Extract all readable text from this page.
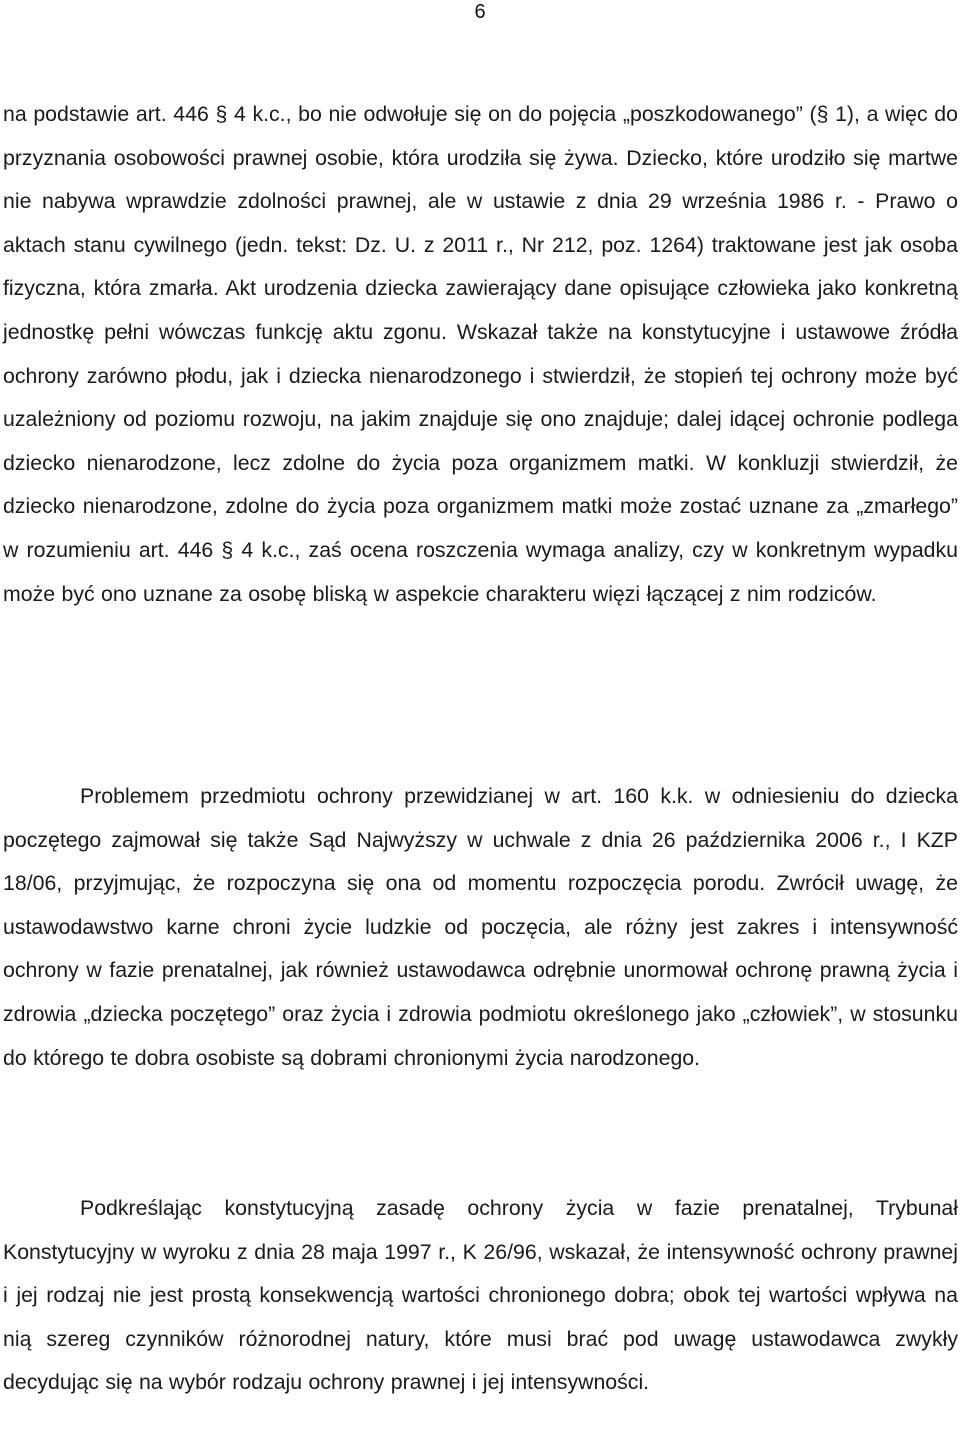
6

na podstawie art. 446 § 4 k.c., bo nie odwołuje się on do pojęcia „poszkodowanego” (§ 1), a więc do przyznania osobowości prawnej osobie, która urodziła się żywa. Dziecko, które urodziło się martwe nie nabywa wprawdzie zdolności prawnej, ale w ustawie z dnia 29 września 1986 r. - Prawo o aktach stanu cywilnego (jedn. tekst: Dz. U. z 2011 r., Nr 212, poz. 1264) traktowane jest jak osoba fizyczna, która zmarła. Akt urodzenia dziecka zawierający dane opisujące człowieka jako konkretną jednostkę pełni wówczas funkcję aktu zgonu. Wskazał także na konstytucyjne i ustawowe źródła ochrony zarówno płodu, jak i dziecka nienarodzonego i stwierdził, że stopień tej ochrony może być uzależniony od poziomu rozwoju, na jakim znajduje się ono znajduje; dalej idącej ochronie podlega dziecko nienarodzone, lecz zdolne do życia poza organizmem matki. W konkluzji stwierdził, że dziecko nienarodzone, zdolne do życia poza organizmem matki może zostać uznane za „zmarłego” w rozumieniu art. 446 § 4 k.c., zaś ocena roszczenia wymaga analizy, czy w konkretnym wypadku może być ono uznane za osobę bliską w aspekcie charakteru więzi łączącej z nim rodziców.

Problemem przedmiotu ochrony przewidzianej w art. 160 k.k. w odniesieniu do dziecka poczętego zajmował się także Sąd Najwyższy w uchwale z dnia 26 października 2006 r., I KZP 18/06, przyjmując, że rozpoczyna się ona od momentu rozpoczęcia porodu. Zwrócił uwagę, że ustawodawstwo karne chroni życie ludzkie od poczęcia, ale różny jest zakres i intensywność ochrony w fazie prenatalnej, jak również ustawodawca odrębnie unormował ochronę prawną życia i zdrowia „dziecka poczętego” oraz życia i zdrowia podmiotu określonego jako „człowiek”, w stosunku do którego te dobra osobiste są dobrami chronionymi życia narodzonego.

Podkreślając konstytucyjną zasadę ochrony życia w fazie prenatalnej, Trybunał Konstytucyjny w wyroku z dnia 28 maja 1997 r., K 26/96, wskazał, że intensywność ochrony prawnej i jej rodzaj nie jest prostą konsekwencją wartości chronionego dobra; obok tej wartości wpływa na nią szereg czynników różnorodnej natury, które musi brać pod uwagę ustawodawca zwykły decydując się na wybór rodzaju ochrony prawnej i jej intensywności.
